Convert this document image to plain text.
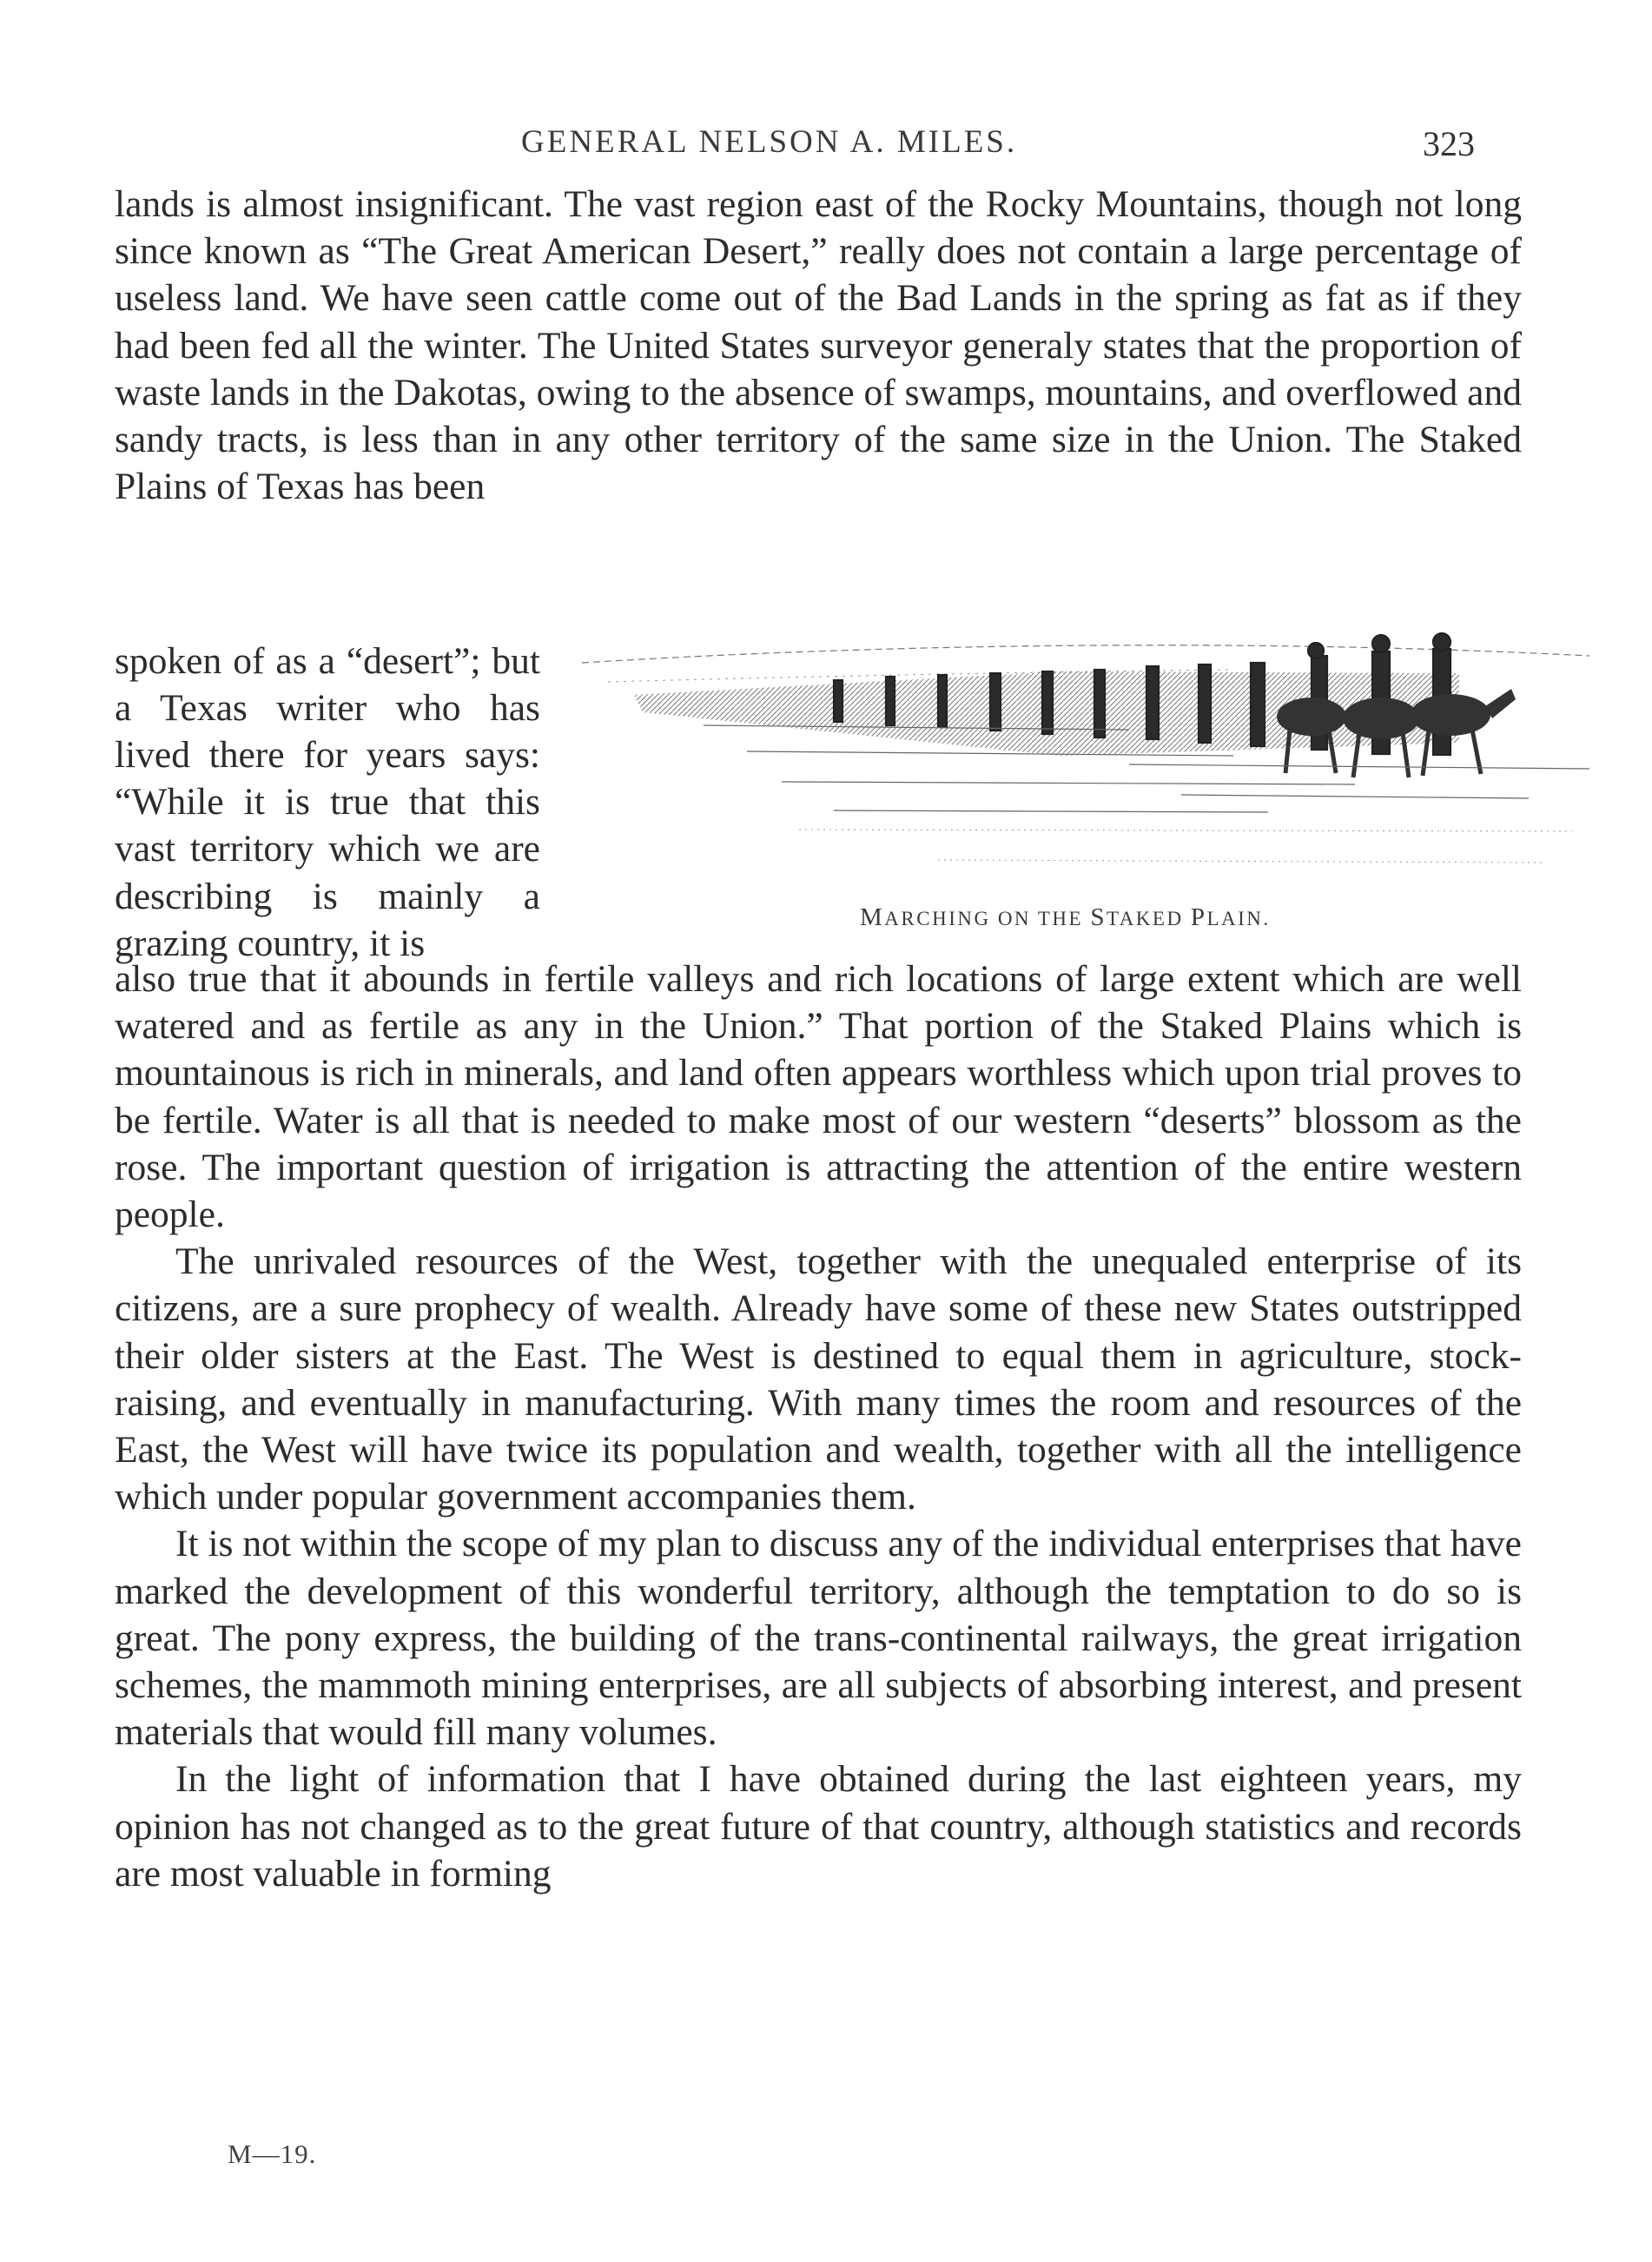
GENERAL NELSON A. MILES.	323

lands is almost insignificant. The vast region east of the Rocky Mountains, though not long since known as “The Great American Desert,” really does not contain a large percentage of useless land. We have seen cattle come out of the Bad Lands in the spring as fat as if they had been fed all the winter. The United States surveyor generaly states that the proportion of waste lands in the Dakotas, owing to the absence of swamps, mountains, and overflowed and sandy tracts, is less than in any other territory of the same size in the Union. The Staked Plains of Texas has been

spoken of as a “desert”; but a Texas writer who has lived there for years says: “While it is true that this vast territory which we are describing is mainly a grazing country, it is

MARCHING ON THE STAKED PLAIN.

also true that it abounds in fertile valleys and rich locations of large extent which are well watered and as fertile as any in the Union.” That portion of the Staked Plains which is mountainous is rich in minerals, and land often appears worthless which upon trial proves to be fertile. Water is all that is needed to make most of our western “deserts” blossom as the rose. The important question of irrigation is attracting the attention of the entire western people.

The unrivaled resources of the West, together with the unequaled enterprise of its citizens, are a sure prophecy of wealth. Already have some of these new States outstripped their older sisters at the East. The West is destined to equal them in agriculture, stock-raising, and eventually in manufacturing. With many times the room and resources of the East, the West will have twice its population and wealth, together with all the intelligence which under popular government accompanies them.

It is not within the scope of my plan to discuss any of the individual enterprises that have marked the development of this wonderful territory, although the temptation to do so is great. The pony express, the building of the trans-continental railways, the great irrigation schemes, the mammoth mining enterprises, are all subjects of absorbing interest, and present materials that would fill many volumes.

In the light of information that I have obtained during the last eighteen years, my opinion has not changed as to the great future of that country, although statistics and records are most valuable in forming

M—19.
